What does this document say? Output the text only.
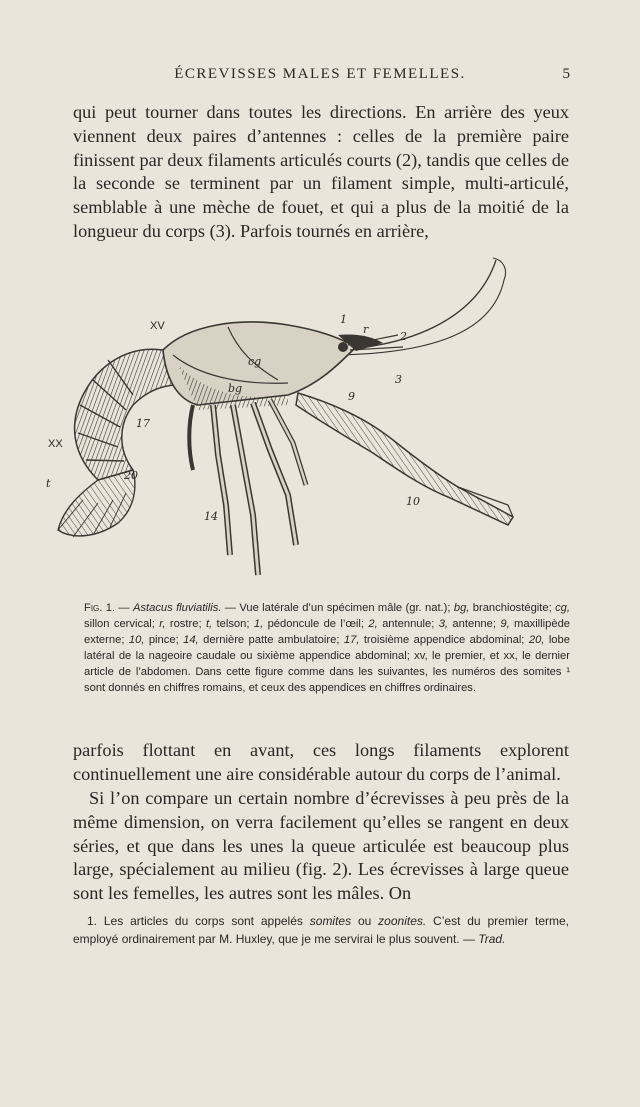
ÉCREVISSES MALES ET FEMELLES.	5

qui peut tourner dans toutes les directions. En arrière des yeux viennent deux paires d’antennes : celles de la première paire finissent par deux filaments articulés courts (2), tandis que celles de la seconde se terminent par un filament simple, multi-articulé, semblable à une mèche de fouet, et qui a plus de la moitié de la longueur du corps (3). Parfois tournés en arrière,

XV
cg
bg
1
r
2
3
9
17
XX
t
20
10
14

Fig. 1. — Astacus fluviatilis. — Vue latérale d’un spécimen mâle (gr. nat.); bg, branchiostégite; cg, sillon cervical; r, rostre; t, telson; 1, pédoncule de l’œil; 2, antennule; 3, antenne; 9, maxillipède externe; 10, pince; 14, dernière patte ambulatoire; 17, troisième appendice abdominal; 20, lobe latéral de la nageoire caudale ou sixième appendice abdominal; xv, le premier, et xx, le dernier article de l’abdomen. Dans cette figure comme dans les suivantes, les numéros des somites ¹ sont donnés en chiffres romains, et ceux des appendices en chiffres ordinaires.

parfois flottant en avant, ces longs filaments explorent continuellement une aire considérable autour du corps de l’animal.

Si l’on compare un certain nombre d’écrevisses à peu près de la même dimension, on verra facilement qu’elles se rangent en deux séries, et que dans les unes la queue articulée est beaucoup plus large, spécialement au milieu (fig. 2). Les écrevisses à large queue sont les femelles, les autres sont les mâles. On

1. Les articles du corps sont appelés somites ou zoonites. C’est du premier terme, employé ordinairement par M. Huxley, que je me servirai le plus souvent. — Trad.
